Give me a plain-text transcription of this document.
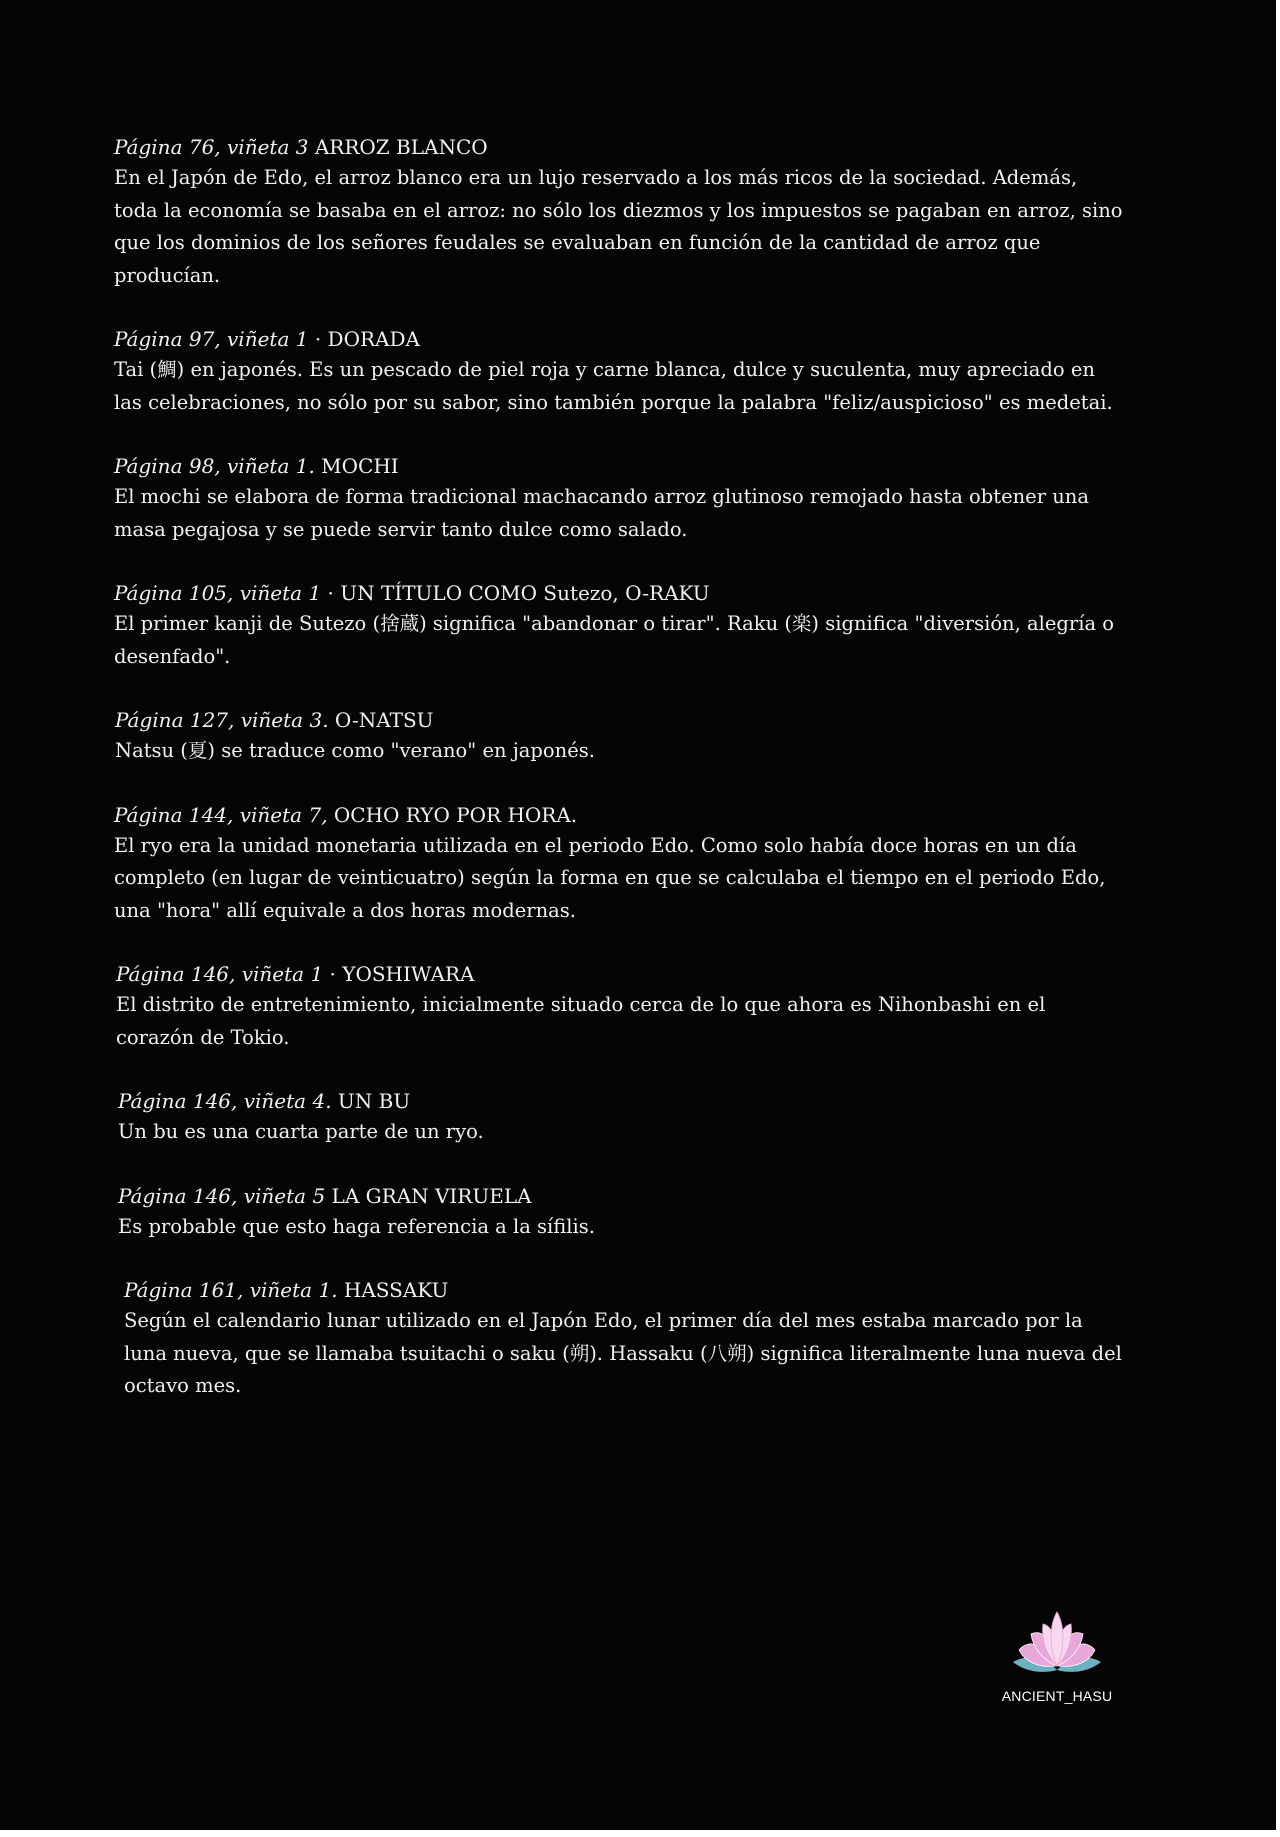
Página 76, viñeta 3 ARROZ BLANCO

En el Japón de Edo, el arroz blanco era un lujo reservado a los más ricos de la sociedad. Además, toda la economía se basaba en el arroz: no sólo los diezmos y los impuestos se pagaban en arroz, sino que los dominios de los señores feudales se evaluaban en función de la cantidad de arroz que producían.

Página 97, viñeta 1 · DORADA

Tai (鯛) en japonés. Es un pescado de piel roja y carne blanca, dulce y suculenta, muy apreciado en las celebraciones, no sólo por su sabor, sino también porque la palabra "feliz/auspicioso" es medetai.

Página 98, viñeta 1. MOCHI

El mochi se elabora de forma tradicional machacando arroz glutinoso remojado hasta obtener una masa pegajosa y se puede servir tanto dulce como salado.

Página 105, viñeta 1 · UN TÍTULO COMO Sutezo, O-RAKU

El primer kanji de Sutezo (捨蔵) significa "abandonar o tirar". Raku (楽) significa "diversión, alegría o desenfado".

Página 127, viñeta 3. O-NATSU

Natsu (夏) se traduce como "verano" en japonés.

Página 144, viñeta 7, OCHO RYO POR HORA.

El ryo era la unidad monetaria utilizada en el periodo Edo. Como solo había doce horas en un día completo (en lugar de veinticuatro) según la forma en que se calculaba el tiempo en el periodo Edo, una "hora" allí equivale a dos horas modernas.

Página 146, viñeta 1 · YOSHIWARA

El distrito de entretenimiento, inicialmente situado cerca de lo que ahora es Nihonbashi en el corazón de Tokio.

Página 146, viñeta 4. UN BU

Un bu es una cuarta parte de un ryo.

Página 146, viñeta 5 LA GRAN VIRUELA

Es probable que esto haga referencia a la sífilis.

Página 161, viñeta 1. HASSAKU

Según el calendario lunar utilizado en el Japón Edo, el primer día del mes estaba marcado por la luna nueva, que se llamaba tsuitachi o saku (朔). Hassaku (八朔) significa literalmente luna nueva del octavo mes.

ANCIENT_HASU
